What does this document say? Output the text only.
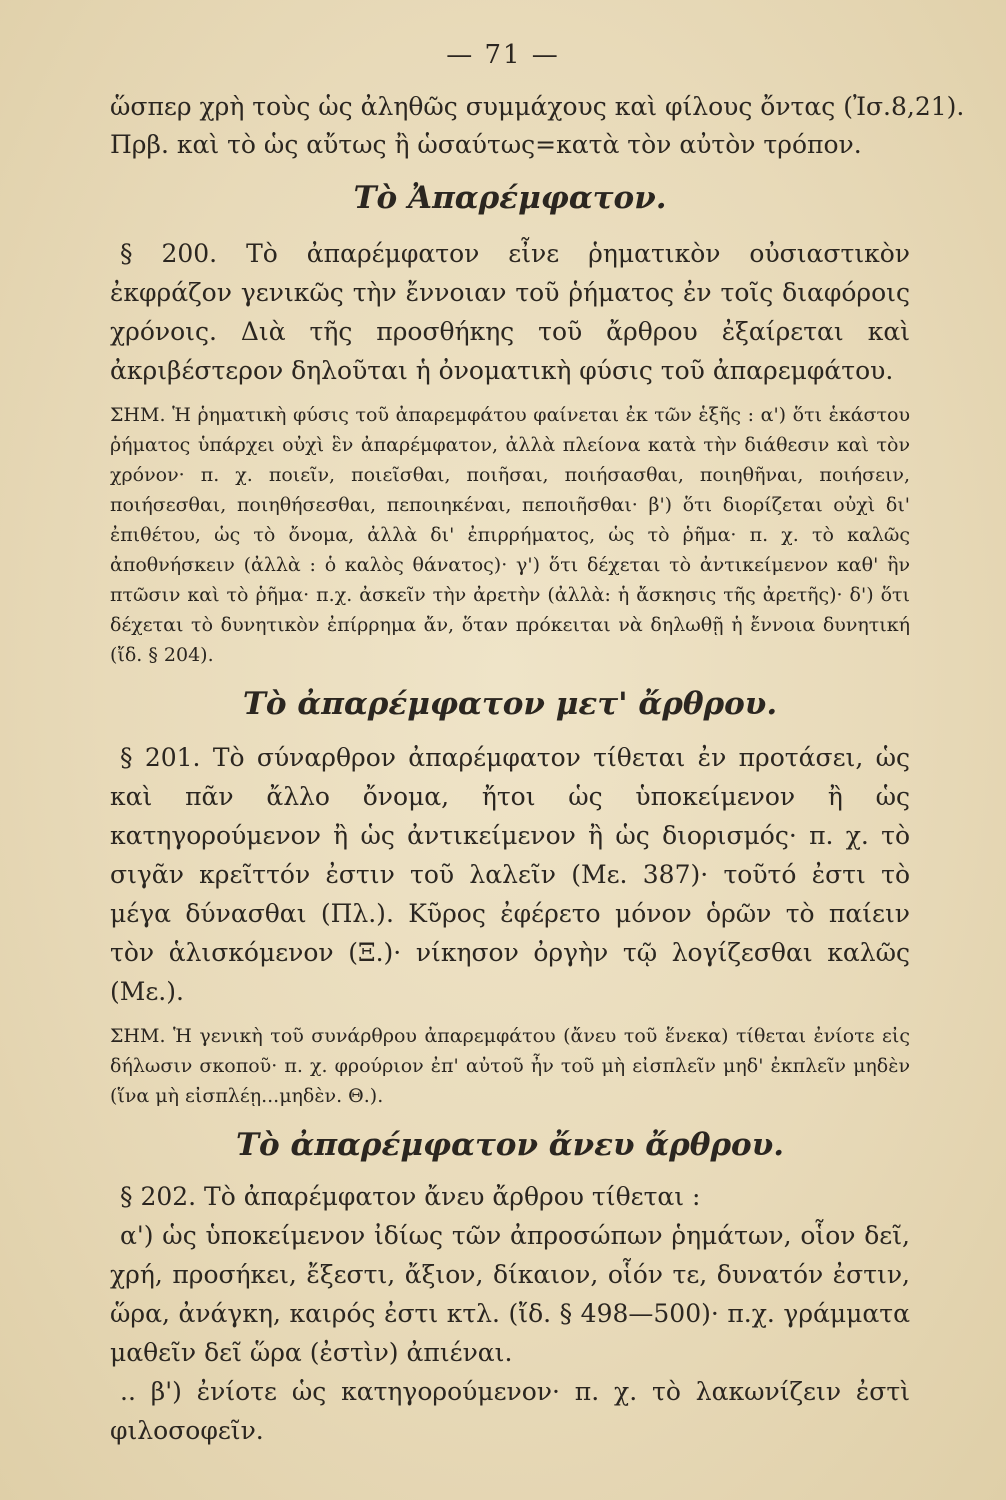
— 71 —

ὥσπερ χρὴ τοὺς ὡς ἀληθῶς συμμάχους καὶ φίλους ὄντας (Ἰσ.8,21).

Πρβ. καὶ τὸ ὡς αὔτως ἢ ὡσαύτως=κατὰ τὸν αὐτὸν τρόπον.

Τὸ Ἀπαρέμφατον.

§ 200. Τὸ ἀπαρέμφατον εἶνε ῥηματικὸν οὐσιαστικὸν ἐκφράζον γενικῶς τὴν ἔννοιαν τοῦ ῥήματος ἐν τοῖς διαφόροις χρόνοις. Διὰ τῆς προσθήκης τοῦ ἄρθρου ἐξαίρεται καὶ ἀκριβέστερον δηλοῦται ἡ ὀνοματικὴ φύσις τοῦ ἀπαρεμφάτου.

ΣΗΜ. Ἡ ῥηματικὴ φύσις τοῦ ἀπαρεμφάτου φαίνεται ἐκ τῶν ἑξῆς : α') ὅτι ἑκάστου ῥήματος ὑπάρχει οὐχὶ ἓν ἀπαρέμφατον, ἀλλὰ πλείονα κατὰ τὴν διάθεσιν καὶ τὸν χρόνον· π. χ. ποιεῖν, ποιεῖσθαι, ποιῆσαι, ποιήσασθαι, ποιηθῆναι, ποιήσειν, ποιήσεσθαι, ποιηθήσεσθαι, πεποιηκέναι, πεποιῆσθαι· β') ὅτι διορίζεται οὐχὶ δι' ἐπιθέτου, ὡς τὸ ὄνομα, ἀλλὰ δι' ἐπιρρήματος, ὡς τὸ ῥῆμα· π. χ. τὸ καλῶς ἀποθνήσκειν (ἀλλὰ : ὁ καλὸς θάνατος)· γ') ὅτι δέχεται τὸ ἀντικείμενον καθ' ἣν πτῶσιν καὶ τὸ ῥῆμα· π.χ. ἀσκεῖν τὴν ἀρετὴν (ἀλλὰ: ἡ ἄσκησις τῆς ἀρετῆς)· δ') ὅτι δέχεται τὸ δυνητικὸν ἐπίρρημα ἄν, ὅταν πρόκειται νὰ δηλωθῇ ἡ ἔννοια δυνητική (ἴδ. § 204).

Τὸ ἀπαρέμφατον μετ' ἄρθρου.

§ 201. Τὸ σύναρθρον ἀπαρέμφατον τίθεται ἐν προτάσει, ὡς καὶ πᾶν ἄλλο ὄνομα, ἤτοι ὡς ὑποκείμενον ἢ ὡς κατηγορούμενον ἢ ὡς ἀντικείμενον ἢ ὡς διορισμός· π. χ. τὸ σιγᾶν κρεῖττόν ἐστιν τοῦ λαλεῖν (Με. 387)· τοῦτό ἐστι τὸ μέγα δύνασθαι (Πλ.). Κῦρος ἐφέρετο μόνον ὁρῶν τὸ παίειν τὸν ἁλισκόμενον (Ξ.)· νίκησον ὀργὴν τῷ λογίζεσθαι καλῶς (Με.).

ΣΗΜ. Ἡ γενικὴ τοῦ συνάρθρου ἀπαρεμφάτου (ἄνευ τοῦ ἕνεκα) τίθεται ἐνίοτε εἰς δήλωσιν σκοποῦ· π. χ. φρούριον ἐπ' αὐτοῦ ἦν τοῦ μὴ εἰσπλεῖν μηδ' ἐκπλεῖν μηδὲν (ἵνα μὴ εἰσπλέῃ...μηδὲν. Θ.).

Τὸ ἀπαρέμφατον ἄνευ ἄρθρου.

§ 202. Τὸ ἀπαρέμφατον ἄνευ ἄρθρου τίθεται :

α') ὡς ὑποκείμενον ἰδίως τῶν ἀπροσώπων ῥημάτων, οἷον δεῖ, χρή, προσήκει, ἔξεστι, ἄξιον, δίκαιον, οἷόν τε, δυνατόν ἐστιν, ὥρα, ἀνάγκη, καιρός ἐστι κτλ. (ἴδ. § 498—500)· π.χ. γράμματα μαθεῖν δεῖ ὥρα (ἐστὶν) ἀπιέναι.

.. β') ἐνίοτε ὡς κατηγορούμενον· π. χ. τὸ λακωνίζειν ἐστὶ φιλοσοφεῖν.
